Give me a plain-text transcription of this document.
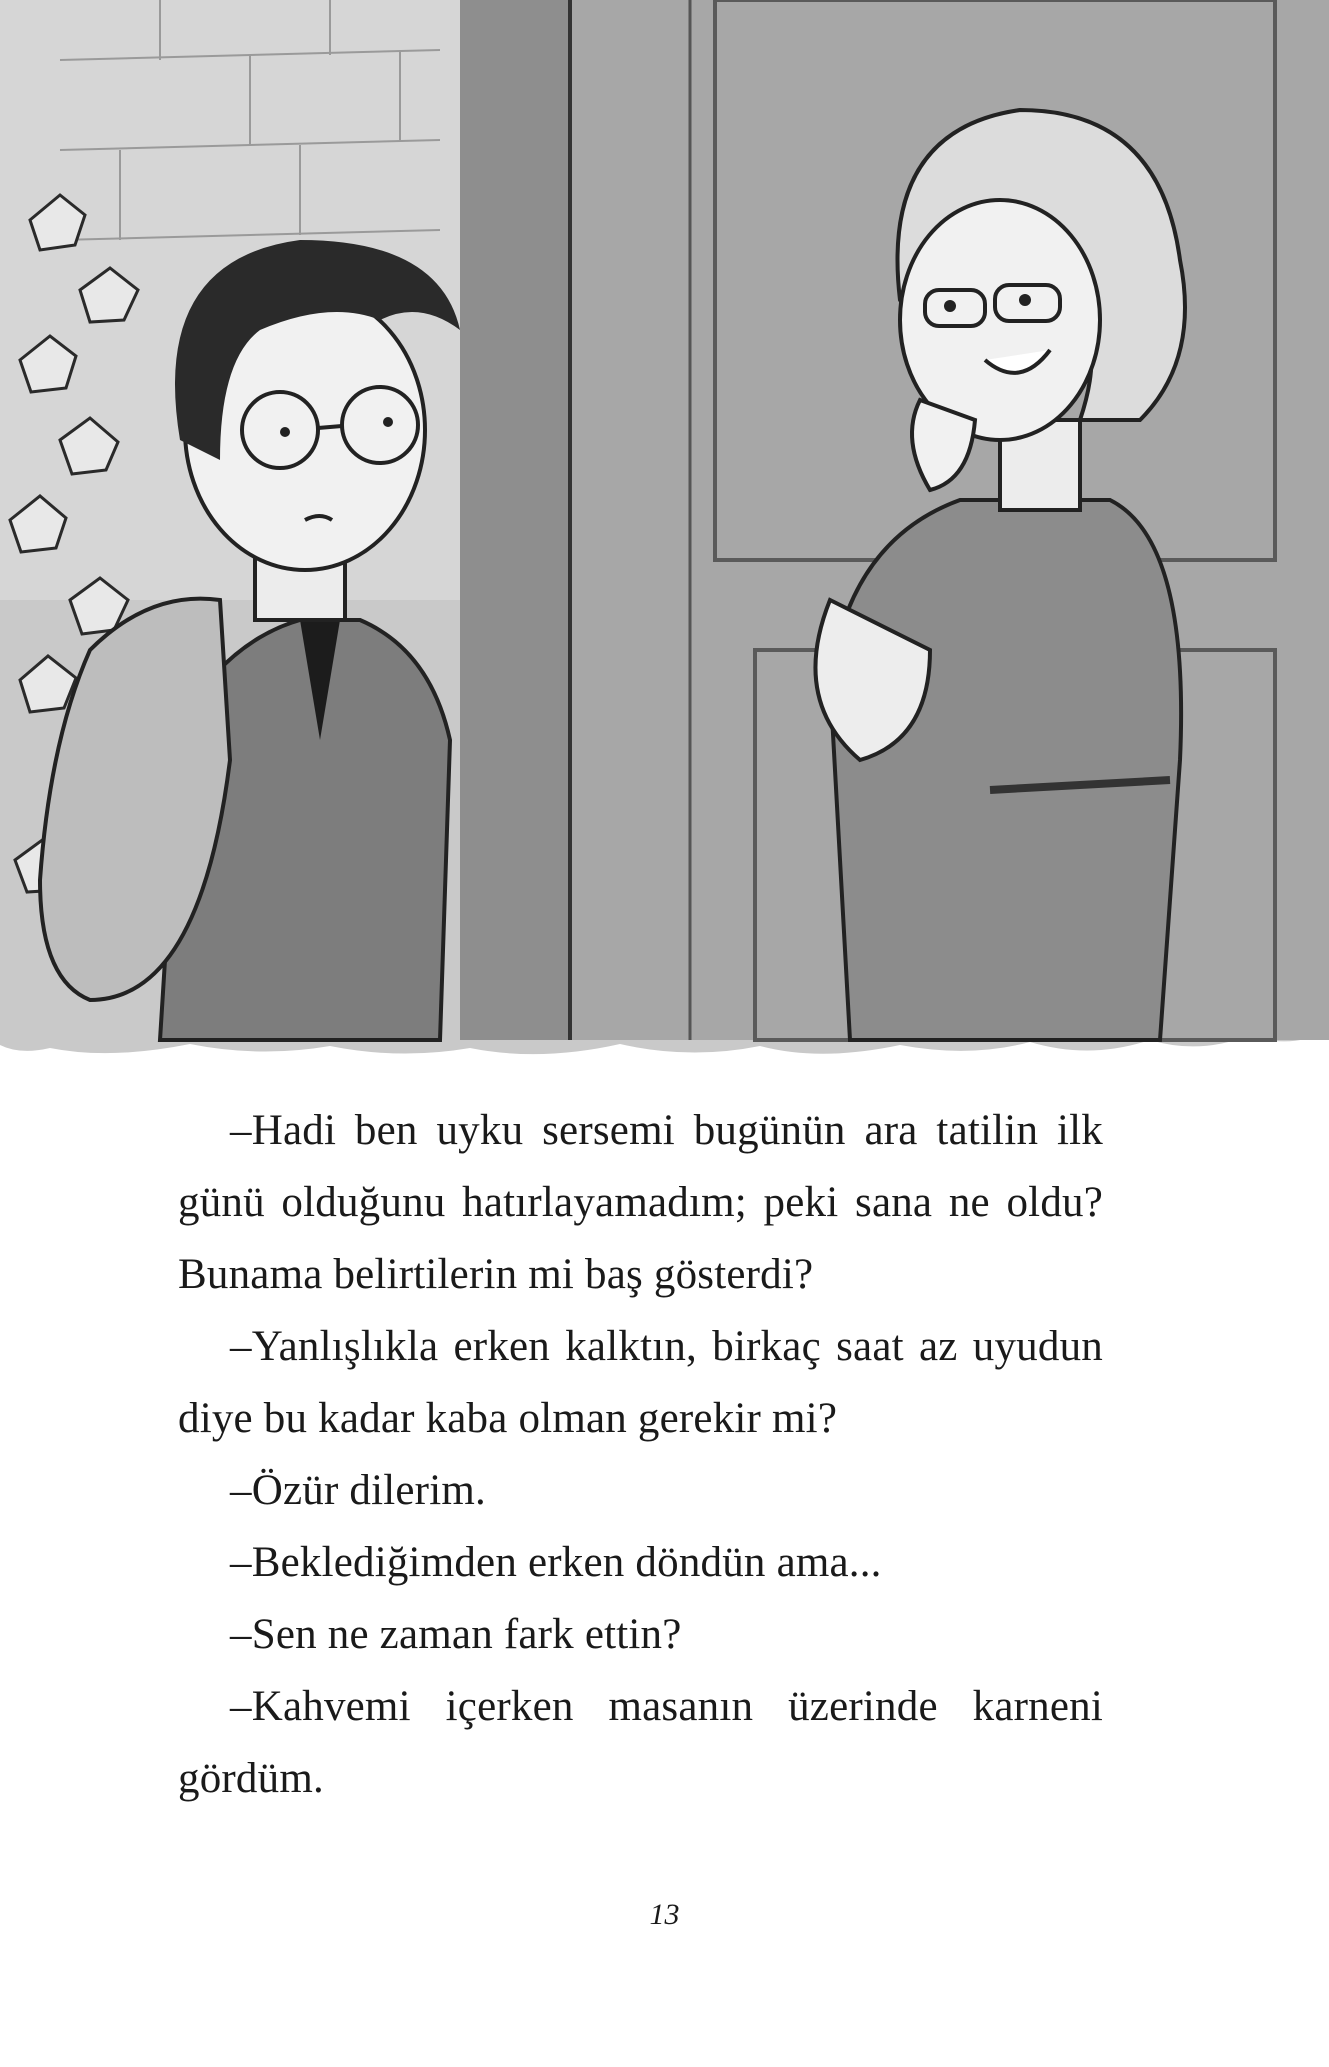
–Hadi ben uyku sersemi bugünün ara tatilin ilk günü olduğunu hatırlayamadım; peki sana ne oldu? Bunama belirtilerin mi baş gösterdi?

–Yanlışlıkla erken kalktın, birkaç saat az uyudun diye bu kadar kaba olman gerekir mi?

–Özür dilerim.

–Beklediğimden erken döndün ama...

–Sen ne zaman fark ettin?

–Kahvemi içerken masanın üzerinde karneni gördüm.

13
